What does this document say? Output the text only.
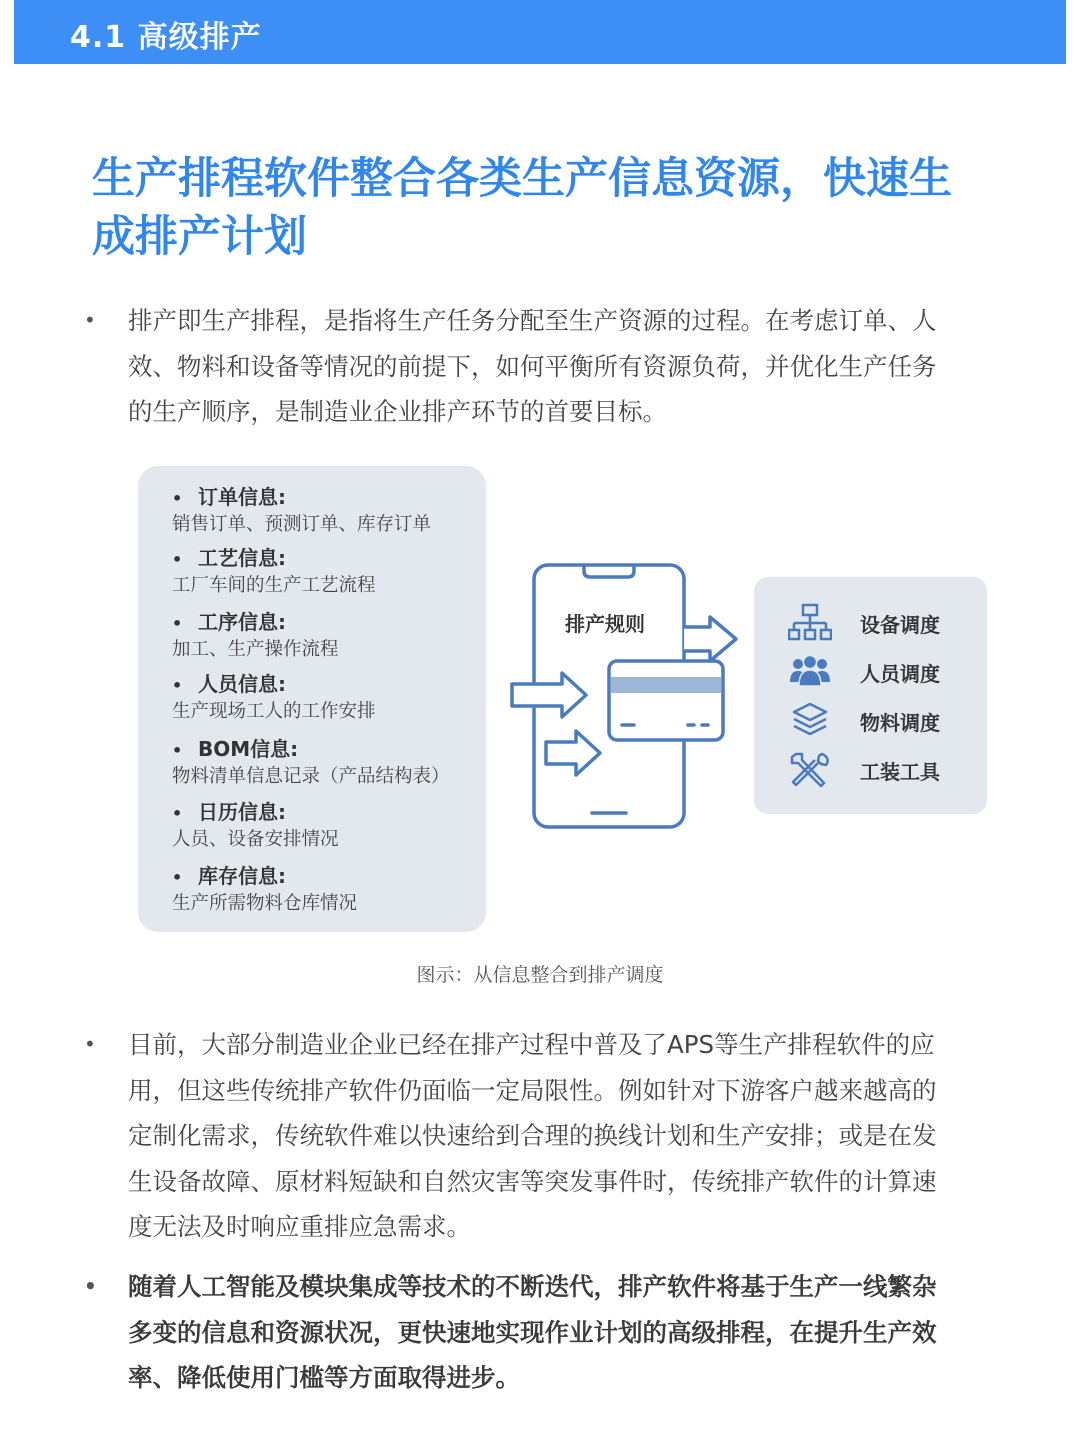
4.1 高级排产
生产排程软件整合各类生产信息资源，快速生
成排产计划
•	排产即生产排程，是指将生产任务分配至生产资源的过程。在考虑订单、人
效、物料和设备等情况的前提下，如何平衡所有资源负荷，并优化生产任务
的生产顺序，是制造业企业排产环节的首要目标。
• 订单信息:
销售订单、预测订单、库存订单
• 工艺信息:
工厂车间的生产工艺流程
• 工序信息:
加工、生产操作流程
• 人员信息:
生产现场工人的工作安排
• BOM信息:
物料清单信息记录（产品结构表）
• 日历信息:
人员、设备安排情况
• 库存信息:
生产所需物料仓库情况
排产规则	设备调度
人员调度
物料调度
工装工具
图示：从信息整合到排产调度
•	目前，大部分制造业企业已经在排产过程中普及了APS等生产排程软件的应
用，但这些传统排产软件仍面临一定局限性。例如针对下游客户越来越高的
定制化需求，传统软件难以快速给到合理的换线计划和生产安排；或是在发
生设备故障、原材料短缺和自然灾害等突发事件时，传统排产软件的计算速
度无法及时响应重排应急需求。
• 随着人工智能及模块集成等技术的不断迭代，排产软件将基于生产一线繁杂
多变的信息和资源状况，更快速地实现作业计划的高级排程，在提升生产效
率、降低使用门槛等方面取得进步。
